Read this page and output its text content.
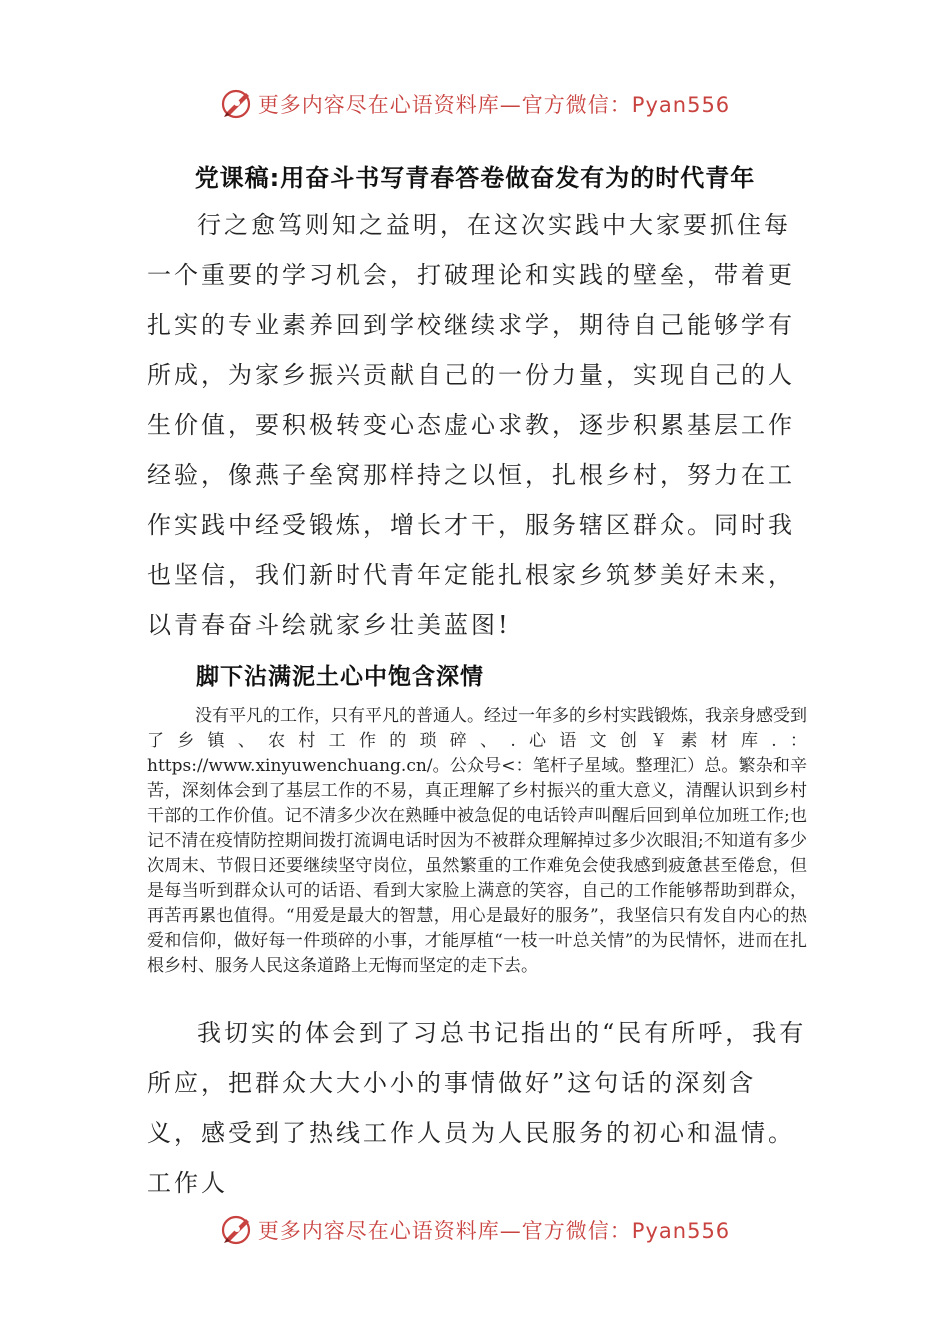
更多内容尽在心语资料库—官方微信：Pyan556
党课稿:用奋斗书写青春答卷做奋发有为的时代青年

行之愈笃则知之益明，在这次实践中大家要抓住每一个重要的学习机会，打破理论和实践的壁垒，带着更扎实的专业素养回到学校继续求学，期待自己能够学有所成，为家乡振兴贡献自己的一份力量，实现自己的人生价值，要积极转变心态虚心求教，逐步积累基层工作经验，像燕子垒窝那样持之以恒，扎根乡村，努力在工作实践中经受锻炼，增长才干，服务辖区群众。同时我也坚信，我们新时代青年定能扎根家乡筑梦美好未来，以青春奋斗绘就家乡壮美蓝图!

脚下沾满泥土心中饱含深情

没有平凡的工作，只有平凡的普通人。经过一年多的乡村实践锻炼，我亲身感受到了乡镇、农村工作的琐碎、.心语文创￥素材库.：https://www.xinyuwenchuang.cn/。公众号<：笔杆子星域。整理汇）总。繁杂和辛苦，深刻体会到了基层工作的不易，真正理解了乡村振兴的重大意义，清醒认识到乡村干部的工作价值。记不清多少次在熟睡中被急促的电话铃声叫醒后回到单位加班工作;也记不清在疫情防控期间拨打流调电话时因为不被群众理解掉过多少次眼泪;不知道有多少次周末、节假日还要继续坚守岗位，虽然繁重的工作难免会使我感到疲惫甚至倦怠，但是每当听到群众认可的话语、看到大家脸上满意的笑容，自己的工作能够帮助到群众，再苦再累也值得。“用爱是最大的智慧，用心是最好的服务”，我坚信只有发自内心的热爱和信仰，做好每一件琐碎的小事，才能厚植“一枝一叶总关情”的为民情怀，进而在扎根乡村、服务人民这条道路上无悔而坚定的走下去。

我切实的体会到了习总书记指出的“民有所呼，我有所应，把群众大大小小的事情做好”这句话的深刻含义，感受到了热线工作人员为人民服务的初心和温情。工作人

更多内容尽在心语资料库—官方微信：Pyan556
